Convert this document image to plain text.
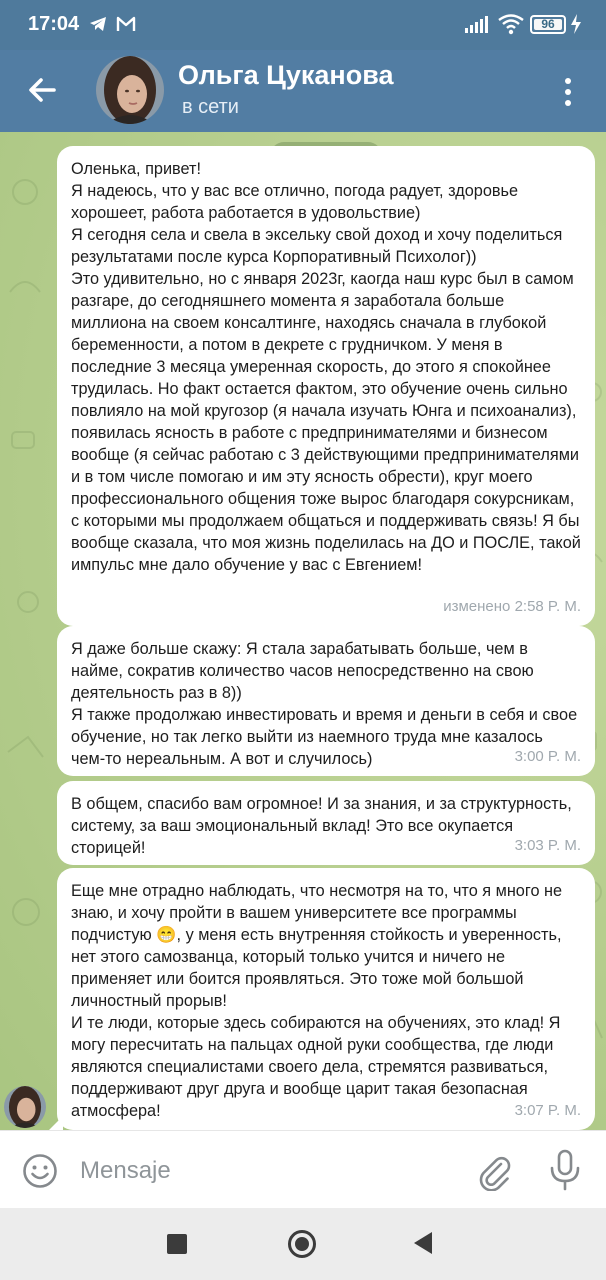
17:04	96
Ольга Цуканова
в сети
Оленька, привет!
Я надеюсь, что у вас все отлично, погода радует, здоровье хорошеет, работа работается в удовольствие)
Я сегодня села и свела в эксельку свой доход и хочу поделиться результатами после курса Корпоративный Психолог))
Это удивительно, но с января 2023г, каогда наш курс был в самом разгаре, до сегодняшнего момента я заработала больше миллиона на своем консалтинге, находясь сначала в глубокой беременности, а потом в декрете с грудничком. У меня в последние 3 месяца умеренная скорость, до этого я спокойнее трудилась. Но факт остается фактом, это обучение очень сильно повлияло на мой кругозор (я начала изучать Юнга и психоанализ), появилась ясность в работе с предпринимателями и бизнесом вообще (я сейчас работаю с 3 действующими предпринимателями и в том числе помогаю и им эту ясность обрести), круг моего профессионального общения тоже вырос благодаря сокурсникам, с которыми мы продолжаем общаться и поддерживать связь! Я бы вообще сказала, что моя жизнь поделилась на ДО и ПОСЛЕ, такой импульс мне дало обучение у вас с Евгением!
изменено 2:58 P. M.
Я даже больше скажу: Я стала зарабатывать больше, чем в найме, сократив количество часов непосредственно на свою деятельность раз в 8))
Я также продолжаю инвестировать и время и деньги в себя и свое обучение, но так легко выйти из наемного труда мне казалось чем-то нереальным. А вот и случилось)	3:00 P. M.
В общем, спасибо вам огромное! И за знания, и за структурность, систему, за ваш эмоциональный вклад! Это все окупается сторицей!	3:03 P. M.
Еще мне отрадно наблюдать, что несмотря на то, что я много не знаю, и хочу пройти в вашем университете все программы подчистую 😁, у меня есть внутренняя стойкость и уверенность, нет этого самозванца, который только учится и ничего не применяет или боится проявляться. Это тоже мой большой личностный прорыв!
И те люди, которые здесь собираются на обучениях, это клад! Я могу пересчитать на пальцах одной руки сообщества, где люди являются специалистами своего дела, стремятся развиваться, поддерживают друг друга и вообще царит такая безопасная атмосфера!	3:07 P. M.
Mensaje
